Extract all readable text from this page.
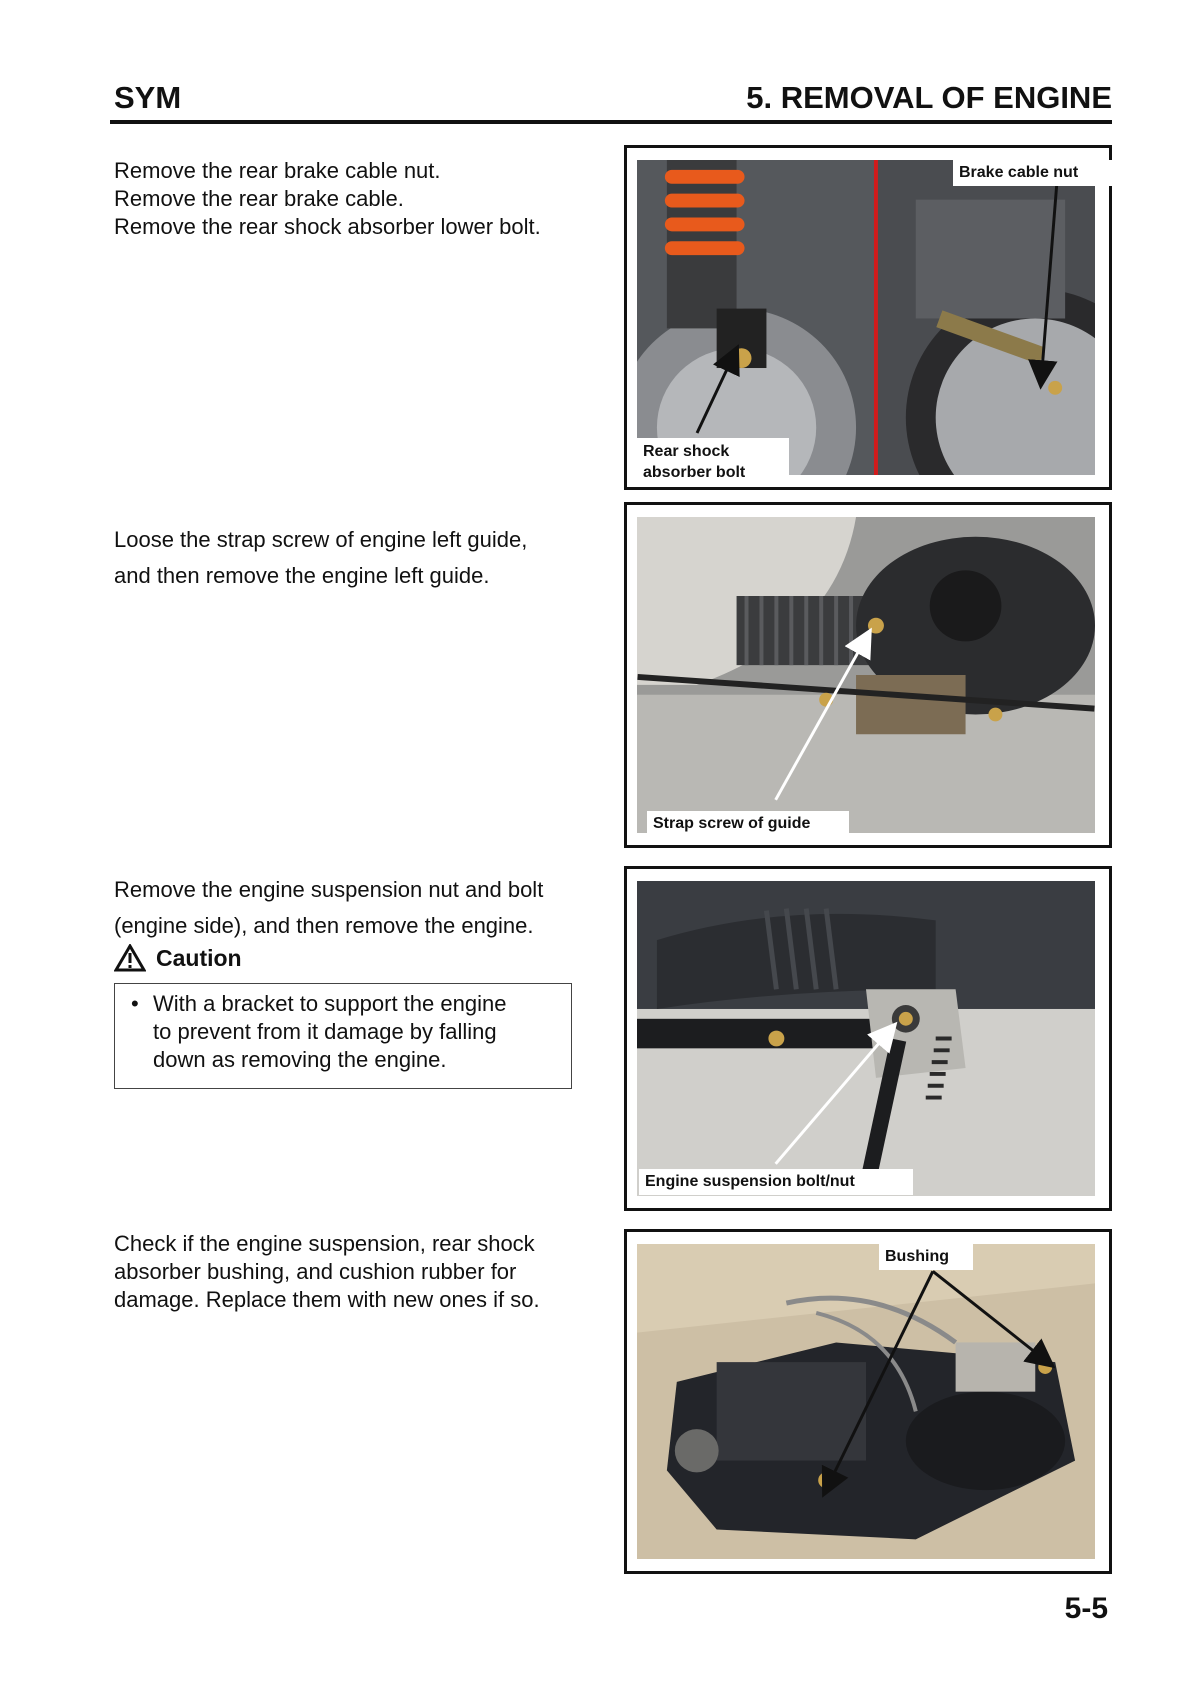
SYM	5. REMOVAL OF ENGINE

Remove the rear brake cable nut.

Remove the rear brake cable.

Remove the rear shock absorber lower bolt.

Loose the strap screw of engine left guide,

and then remove the engine left guide.

Remove the engine suspension nut and bolt

(engine side), and then remove the engine.

Caution
• With a bracket to support the engine
to prevent from it damage by falling
down as removing the engine.

Check if the engine suspension, rear shock

absorber bushing, and cushion rubber for

damage. Replace them with new ones if so.

Brake cable nut
Rear shock
absorber bolt
Strap screw of guide
Engine suspension bolt/nut
Bushing
5-5
